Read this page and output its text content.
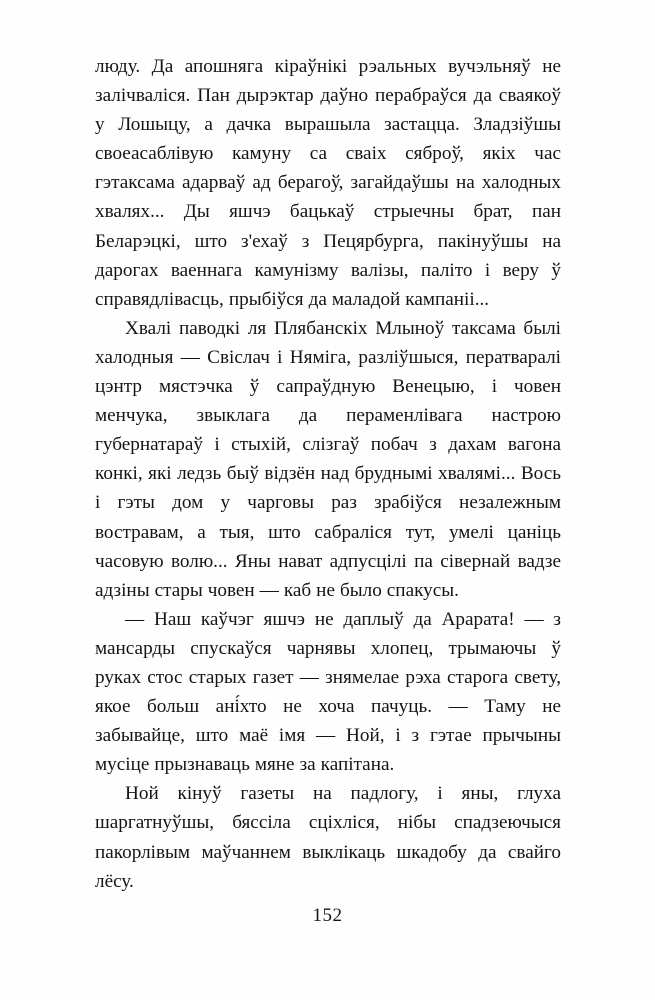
люду. Да апошняга кіраўнікі рэальных вучэльняў не залічвалiся. Пан дырэктар даўно перабраўся да сваякоў у Лошыцу, а дачка вырашыла застацца. Зладзіўшы своеасаблівую камуну са сваіх сяброў, якіх час гэтаксама адарваў ад берагоў, загайдаўшы на халодных хвалях... Ды яшчэ бацькаў стрыечны брат, пан Беларэцкі, што з'ехаў з Пецярбурга, пакінуўшы на дарогах ваеннага камунізму валізы, паліто і веру ў справядлівасць, прыбіўся да маладой кампаніі...

Хвалі паводкі ля Плябанскіх Млыноў таксама былі халодныя — Свіслач і Няміга, разліўшыся, ператваралі цэнтр мястэчка ў сапраўдную Венецыю, і човен менчука, звыклага да пераменлівага настрою губернатараў і стыхій, слізгаў побач з дахам вагона конкі, які ледзь быў відзён над бруднымі хвалямі... Вось і гэты дом у чарговы раз зрабіўся незалежным востравам, а тыя, што сабраліся тут, умелі цаніць часовую волю... Яны нават адпусцілі па сівернай вадзе адзіны стары човен — каб не было спакусы.

— Наш каўчэг яшчэ не даплыў да Арарата! — з мансарды спускаўся чарнявы хлопец, трымаючы ў руках стос старых газет — знямелае рэха старога свету, якое больш ані́хто не хоча пачуць. — Таму не забывайце, што маё імя — Ной, і з гэтае прычыны мусіце прызнаваць мяне за капітана.

Ной кінуў газеты на падлогу, і яны, глуха шаргатнуўшы, бяссіла сціхліся, нібы спадзеючыся пакорлівым маўчаннем выклікаць шкадобу да свайго лёсу.

152
